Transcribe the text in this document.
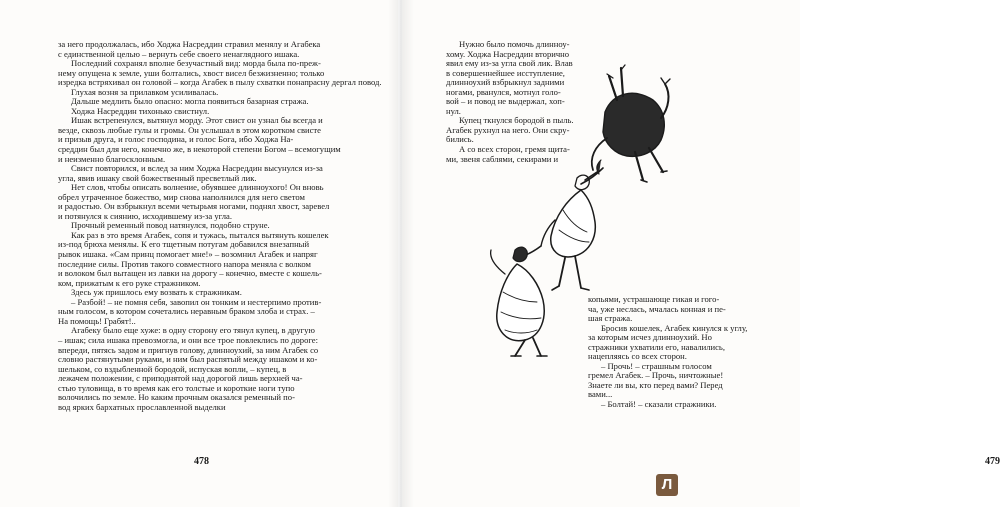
за него продолжалась, ибо Ходжа Насреддин стравил менялу и Агабека
с единственной целью – вернуть себе своего ненаглядного ишака.
Последний сохранял вполне безучастный вид: морда была по-преж-
нему опущена к земле, уши болтались, хвост висел безжизненно; только
изредка встряхивал он головой – когда Агабек в пылу схватки понапрасну дергал повод.
Глухая возня за прилавком усиливалась.
Дальше медлить было опасно: могла появиться базарная стража.
Ходжа Насреддин тихонько свистнул.
Ишак встрепенулся, вытянул морду. Этот свист он узнал бы всегда и
везде, сквозь любые гулы и громы. Он услышал в этом коротком свисте
и призыв друга, и голос господина, и голос Бога, ибо Ходжа На-
среддин был для него, конечно же, в некоторой степени Богом – всемогущим
и неизменно благосклонным.
Свист повторился, и вслед за ним Ходжа Насреддин высунулся из-за
угла, явив ишаку свой божественный пресветлый лик.
Нет слов, чтобы описать волнение, обуявшее длинноухого! Он вновь
обрел утраченное божество, мир снова наполнился для него светом
и радостью. Он взбрыкнул всеми четырьмя ногами, поднял хвост, заревел
и потянулся к сиянию, исходившему из-за угла.
Прочный ременный повод натянулся, подобно струне.
Как раз в это время Агабек, сопя и тужась, пытался вытянуть кошелек
из-под брюха менялы. К его тщетным потугам добавился внезапный
рывок ишака. «Сам принц помогает мне!» – возомнил Агабек и напряг
последние силы. Против такого совместного напора меняла с волком
и волоком был вытащен из лавки на дорогу – конечно, вместе с кошель-
ком, прижатым к его руке стражником.
Здесь уж пришлось ему возвать к стражникам.
– Разбой! – не помня себя, завопил он тонким и нестерпимо против-
ным голосом, в котором сочетались неравным браком злоба и страх. –
На помощь! Грабят!..
Агабеку было еще хуже: в одну сторону его тянул купец, в другую
– ишак; сила ишака превозмогла, и они все трое повлеклись по дороге:
впереди, пятясь задом и пригнув голову, длинноухий, за ним Агабек со
словно растянутыми руками, и ним был распятый между ишаком и ко-
шельком, со вздыбленной бородой, испуская вопли, – купец, в
лежачем положении, с приподнятой над дорогой лишь верхней ча-
стью туловища, в то время как его толстые и короткие ноги тупо
волочились по земле. Но каким прочным оказался ременный по-
вод ярких бархатных прославленной выделки
478	479
Нужно было помочь длинноу-
хому. Ходжа Насреддин вторично
явил ему из-за угла свой лик. Влав
в совершеннейшее исступление,
длинноухий взбрыкнул задними
ногами, рванулся, мотнул голо-
вой – и повод не выдержал, хоп-
нул.
Купец ткнулся бородой в пыль.
Агабек рухнул на него. Они скру-
бились.
А со всех сторон, гремя щита-
ми, звеня саблями, секирами и
копьями, устрашающе гикая и гого-
ча, уже неслась, мчалась конная и пе-
шая стража.
Бросив кошелек, Агабек кинулся к углу,
за которым исчез длинноухий. Но
стражники ухватили его, навалились,
нацепляясь со всех сторон.
– Прочь! – страшным голосом
гремел Агабек. – Прочь, ничтожные!
Знаете ли вы, кто перед вами? Перед
вами...
– Болтай! – сказали стражники.
Л
